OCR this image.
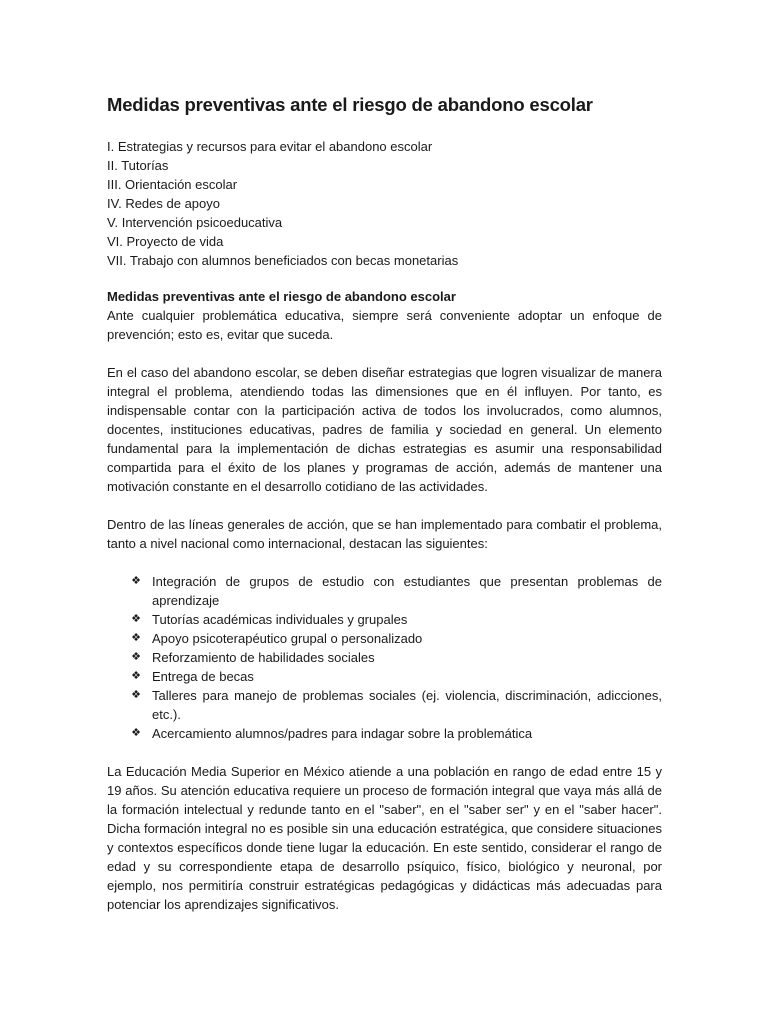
Medidas preventivas ante el riesgo de abandono escolar
I. Estrategias y recursos para evitar el abandono escolar
II. Tutorías
III. Orientación escolar
IV. Redes de apoyo
V. Intervención psicoeducativa
VI. Proyecto de vida
VII. Trabajo con alumnos beneficiados con becas monetarias
Medidas preventivas ante el riesgo de abandono escolar

Ante cualquier problemática educativa, siempre será conveniente adoptar un enfoque de prevención; esto es, evitar que suceda.

En el caso del abandono escolar, se deben diseñar estrategias que logren visualizar de manera integral el problema, atendiendo todas las dimensiones que en él influyen. Por tanto, es indispensable contar con la participación activa de todos los involucrados, como alumnos, docentes, instituciones educativas, padres de familia y sociedad en general. Un elemento fundamental para la implementación de dichas estrategias es asumir una responsabilidad compartida para el éxito de los planes y programas de acción, además de mantener una motivación constante en el desarrollo cotidiano de las actividades.

Dentro de las líneas generales de acción, que se han implementado para combatir el problema, tanto a nivel nacional como internacional, destacan las siguientes:

❖ Integración de grupos de estudio con estudiantes que presentan problemas de aprendizaje
❖ Tutorías académicas individuales y grupales
❖ Apoyo psicoterapéutico grupal o personalizado
❖ Reforzamiento de habilidades sociales
❖ Entrega de becas
❖ Talleres para manejo de problemas sociales (ej. violencia, discriminación, adicciones, etc.).
❖ Acercamiento alumnos/padres para indagar sobre la problemática

La Educación Media Superior en México atiende a una población en rango de edad entre 15 y 19 años. Su atención educativa requiere un proceso de formación integral que vaya más allá de la formación intelectual y redunde tanto en el "saber", en el "saber ser" y en el "saber hacer". Dicha formación integral no es posible sin una educación estratégica, que considere situaciones y contextos específicos donde tiene lugar la educación. En este sentido, considerar el rango de edad y su correspondiente etapa de desarrollo psíquico, físico, biológico y neuronal, por ejemplo, nos permitiría construir estratégicas pedagógicas y didácticas más adecuadas para potenciar los aprendizajes significativos.
